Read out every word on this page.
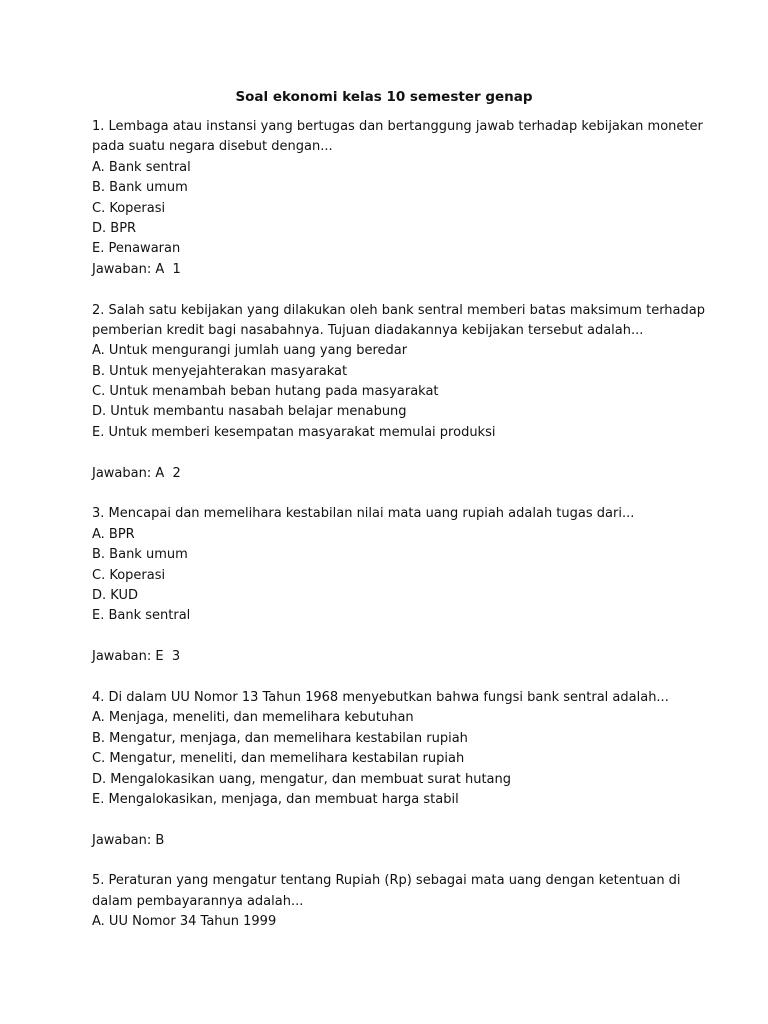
Soal ekonomi kelas 10 semester genap
1. Lembaga atau instansi yang bertugas dan bertanggung jawab terhadap kebijakan moneter
pada suatu negara disebut dengan...
A. Bank sentral
B. Bank umum
C. Koperasi
D. BPR
E. Penawaran
Jawaban: A  1
2. Salah satu kebijakan yang dilakukan oleh bank sentral memberi batas maksimum terhadap
pemberian kredit bagi nasabahnya. Tujuan diadakannya kebijakan tersebut adalah...
A. Untuk mengurangi jumlah uang yang beredar
B. Untuk menyejahterakan masyarakat
C. Untuk menambah beban hutang pada masyarakat
D. Untuk membantu nasabah belajar menabung
E. Untuk memberi kesempatan masyarakat memulai produksi
Jawaban: A  2
3. Mencapai dan memelihara kestabilan nilai mata uang rupiah adalah tugas dari...
A. BPR
B. Bank umum
C. Koperasi
D. KUD
E. Bank sentral
Jawaban: E  3
4. Di dalam UU Nomor 13 Tahun 1968 menyebutkan bahwa fungsi bank sentral adalah...
A. Menjaga, meneliti, dan memelihara kebutuhan
B. Mengatur, menjaga, dan memelihara kestabilan rupiah
C. Mengatur, meneliti, dan memelihara kestabilan rupiah
D. Mengalokasikan uang, mengatur, dan membuat surat hutang
E. Mengalokasikan, menjaga, dan membuat harga stabil
Jawaban: B
5. Peraturan yang mengatur tentang Rupiah (Rp) sebagai mata uang dengan ketentuan di
dalam pembayarannya adalah...
A. UU Nomor 34 Tahun 1999
